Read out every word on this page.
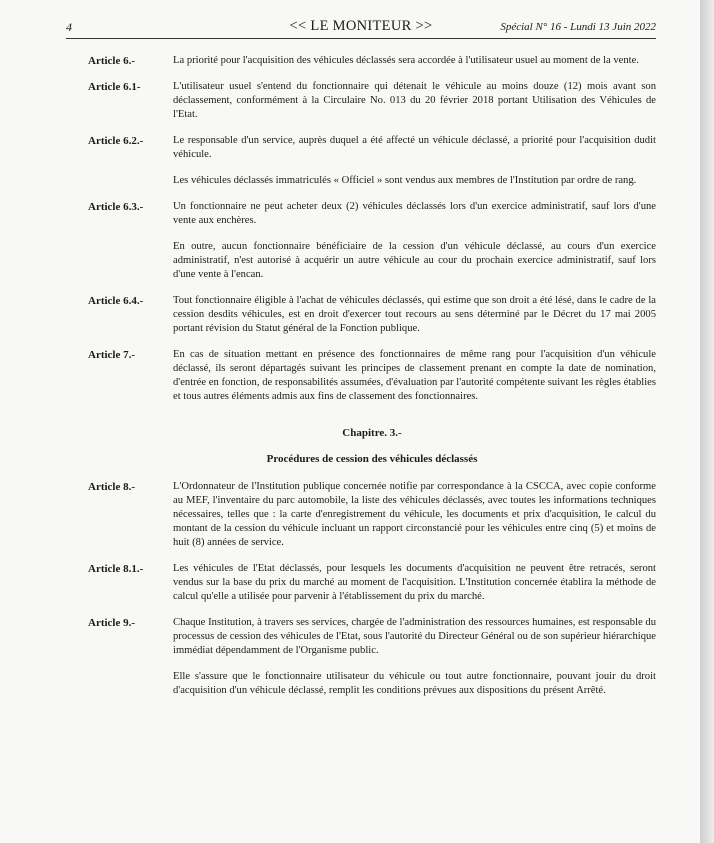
4	<< LE MONITEUR >>	Spécial N° 16 - Lundi 13 Juin 2022
Article 6.-	La priorité pour l'acquisition des véhicules déclassés sera accordée à l'utilisateur usuel au moment de la vente.
Article 6.1-	L'utilisateur usuel s'entend du fonctionnaire qui détenait le véhicule au moins douze (12) mois avant son déclassement, conformément à la Circulaire No. 013 du 20 février 2018 portant Utilisation des Véhicules de l'Etat.
Article 6.2.-	Le responsable d'un service, auprès duquel a été affecté un véhicule déclassé, a priorité pour l'acquisition dudit véhicule.
Les véhicules déclassés immatriculés « Officiel » sont vendus aux membres de l'Institution par ordre de rang.
Article 6.3.-	Un fonctionnaire ne peut acheter deux (2) véhicules déclassés lors d'un exercice administratif, sauf lors d'une vente aux enchères.
En outre, aucun fonctionnaire bénéficiaire de la cession d'un véhicule déclassé, au cours d'un exercice administratif, n'est autorisé à acquérir un autre véhicule au cour du prochain exercice administratif, sauf lors d'une vente à l'encan.
Article 6.4.-	Tout fonctionnaire éligible à l'achat de véhicules déclassés, qui estime que son droit a été lésé, dans le cadre de la cession desdits véhicules, est en droit d'exercer tout recours au sens déterminé par le Décret du 17 mai 2005 portant révision du Statut général de la Fonction publique.
Article 7.-	En cas de situation mettant en présence des fonctionnaires de même rang pour l'acquisition d'un véhicule déclassé, ils seront départagés suivant les principes de classement prenant en compte la date de nomination, d'entrée en fonction, de responsabilités assumées, d'évaluation par l'autorité compétente suivant les règles établies et tous autres éléments admis aux fins de classement des fonctionnaires.
Chapitre. 3.-
Procédures de cession des véhicules déclassés
Article 8.-	L'Ordonnateur de l'Institution publique concernée notifie par correspondance à la CSCCA, avec copie conforme au MEF, l'inventaire du parc automobile, la liste des véhicules déclassés, avec toutes les informations techniques nécessaires, telles que : la carte d'enregistrement du véhicule, les documents et prix d'acquisition, le calcul du montant de la cession du véhicule incluant un rapport circonstancié pour les véhicules entre cinq (5) et moins de huit (8) années de service.
Article 8.1.-	Les véhicules de l'Etat déclassés, pour lesquels les documents d'acquisition ne peuvent être retracés, seront vendus sur la base du prix du marché au moment de l'acquisition. L'Institution concernée établira la méthode de calcul qu'elle a utilisée pour parvenir à l'établissement du prix du marché.
Article 9.-	Chaque Institution, à travers ses services, chargée de l'administration des ressources humaines, est responsable du processus de cession des véhicules de l'Etat, sous l'autorité du Directeur Général ou de son supérieur hiérarchique immédiat dépendamment de l'Organisme public.
Elle s'assure que le fonctionnaire utilisateur du véhicule ou tout autre fonctionnaire, pouvant jouir du droit d'acquisition d'un véhicule déclassé, remplit les conditions prévues aux dispositions du présent Arrêté.
